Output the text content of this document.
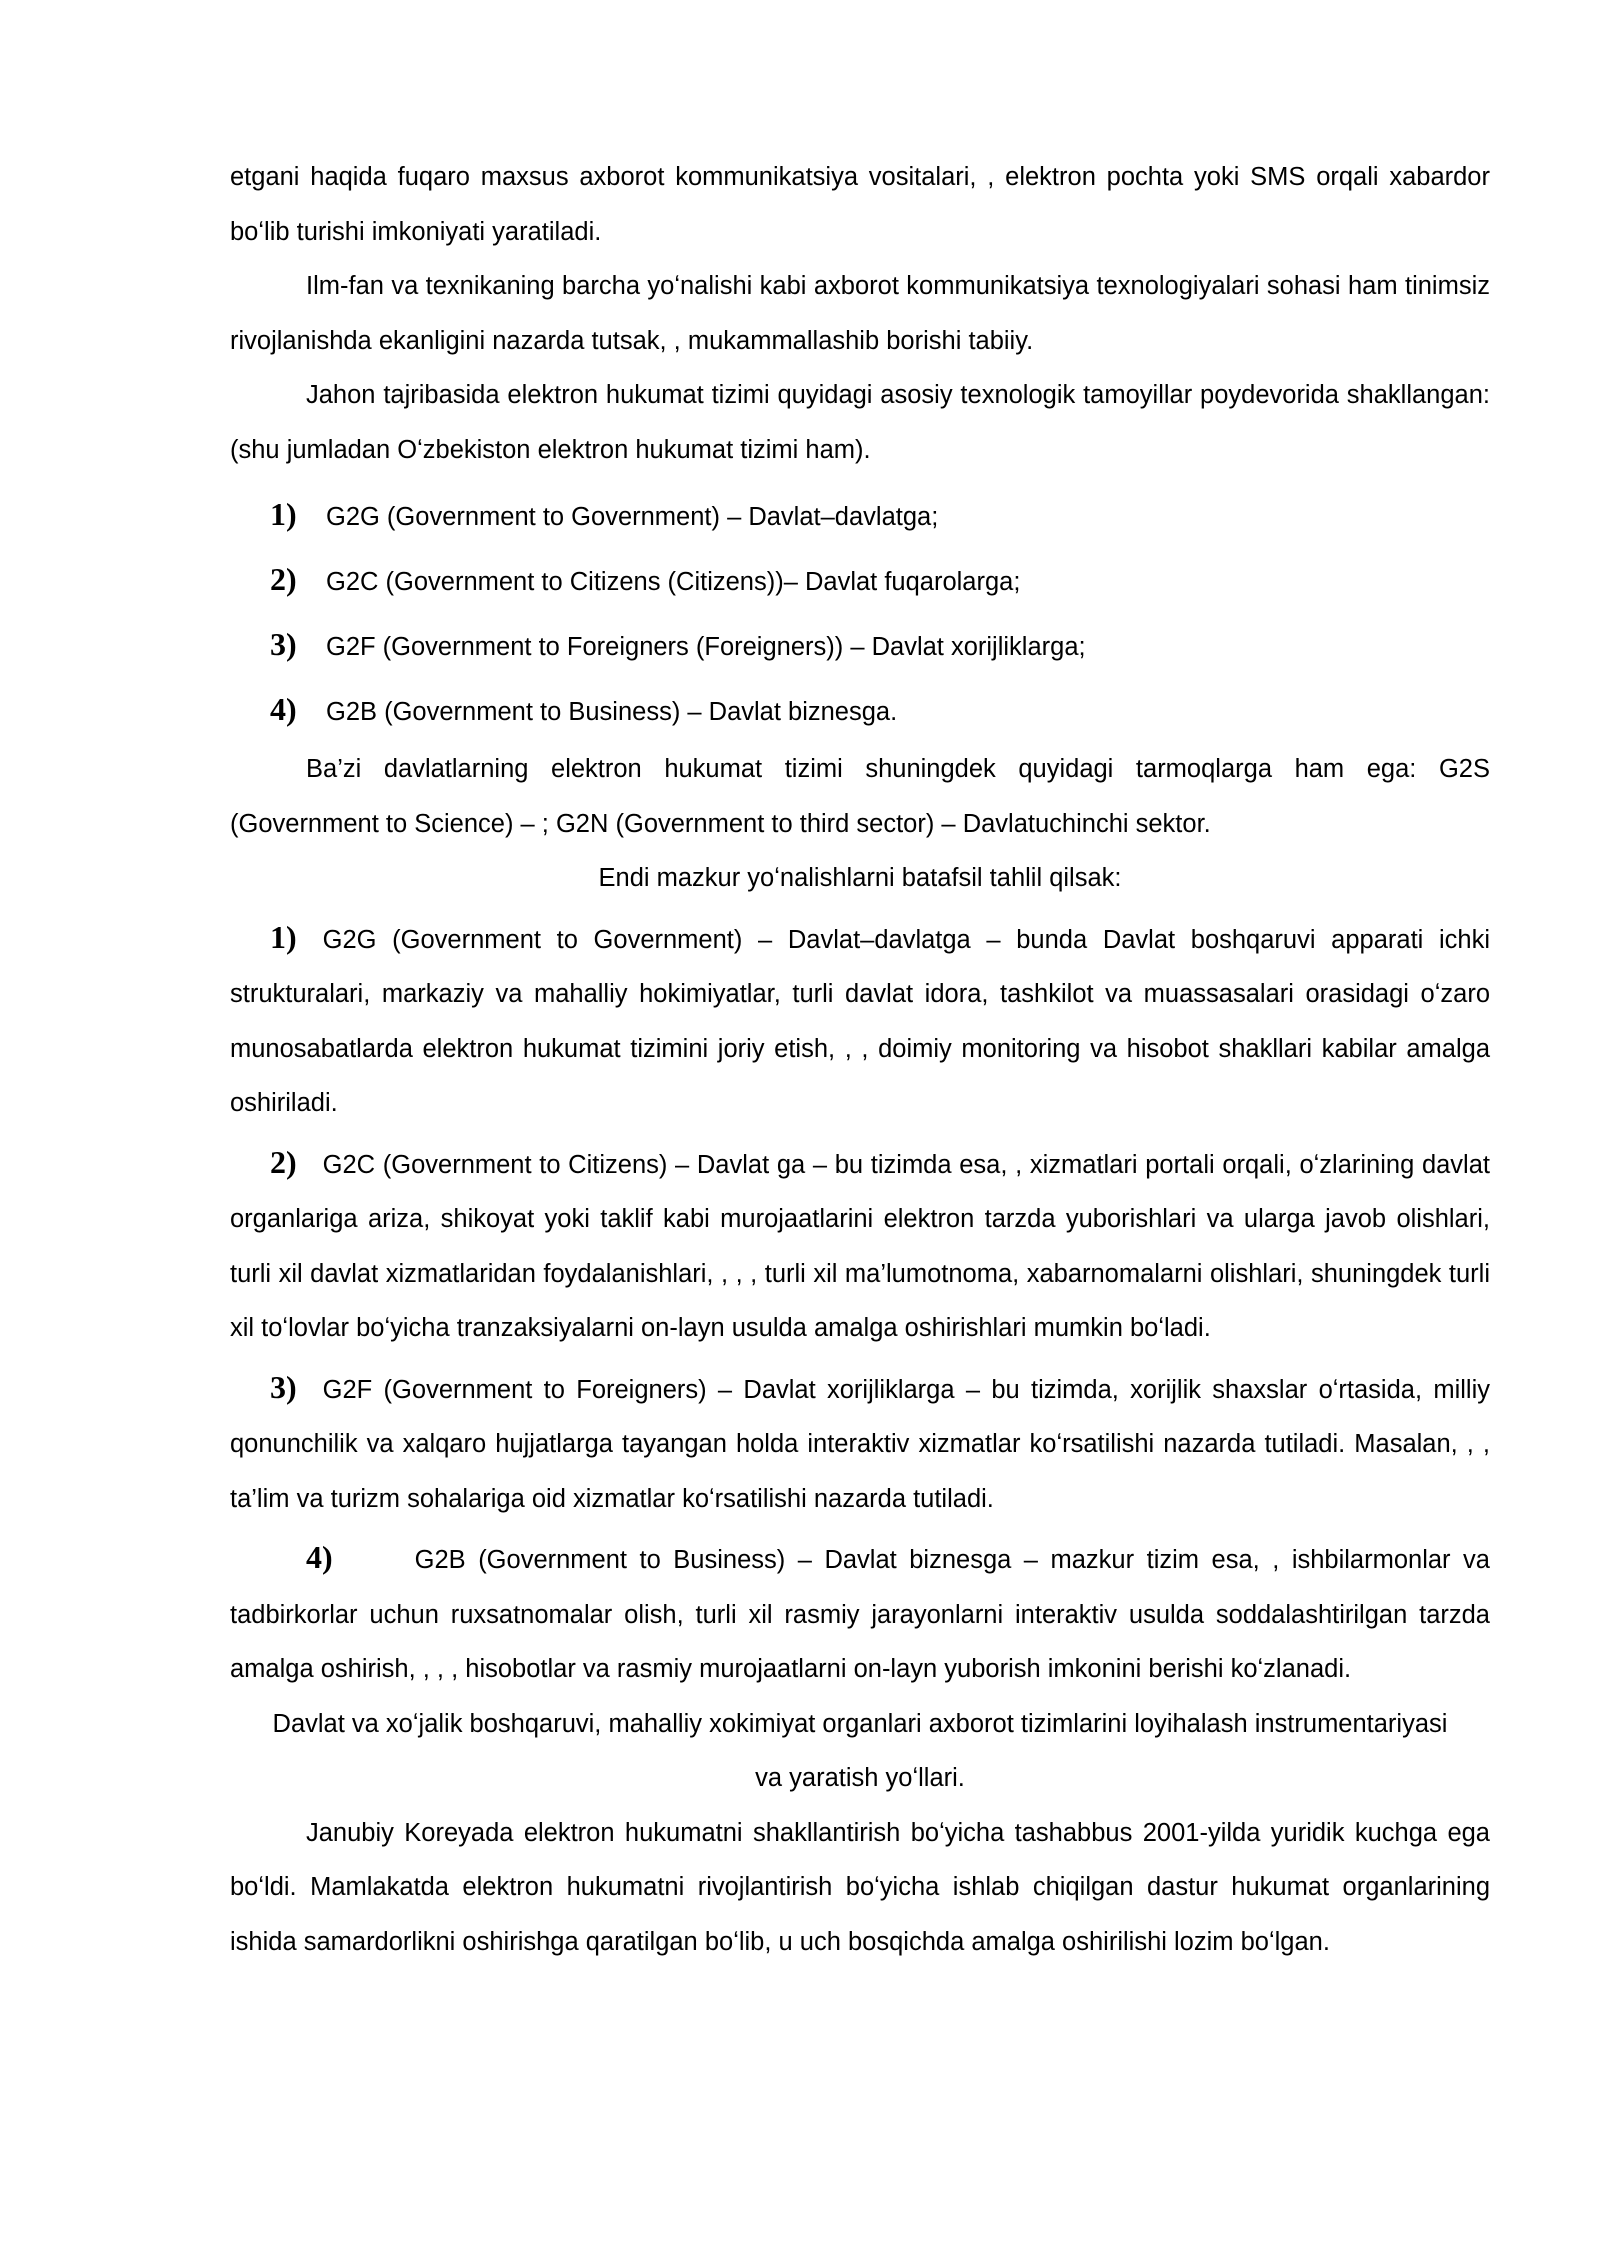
etgani haqida fuqaro maxsus axborot kommunikatsiya vositalari, , elektron pochta yoki SMS orqali xabardor boʻlib turishi imkoniyati yaratiladi.

Ilm-fan va texnikaning barcha yoʻnalishi kabi axborot kommunikatsiya texnologiyalari sohasi ham tinimsiz rivojlanishda ekanligini nazarda tutsak, , mukammallashib borishi tabiiy.

Jahon tajribasida elektron hukumat tizimi quyidagi asosiy texnologik tamoyillar poydevorida shakllangan: (shu jumladan Oʻzbekiston elektron hukumat tizimi ham).

1)	G2G (Government to Government) – Davlat–davlatga;
2)	G2C (Government to Citizens (Citizens))– Davlat fuqarolarga;
3)	G2F (Government to Foreigners (Foreigners)) – Davlat xorijliklarga;
4)	G2B (Government to Business) – Davlat biznesga.

Ba’zi davlatlarning elektron hukumat tizimi shuningdek quyidagi tarmoqlarga ham ega: G2S (Government to Science) – ; G2N (Government to third sector) – Davlatuchinchi sektor.

Endi mazkur yoʻnalishlarni batafsil tahlil qilsak:

1) G2G (Government to Government) – Davlat–davlatga – bunda Davlat boshqaruvi apparati ichki strukturalari, markaziy va mahalliy hokimiyatlar, turli davlat idora, tashkilot va muassasalari orasidagi oʻzaro munosabatlarda elektron hukumat tizimini joriy etish, , , doimiy monitoring va hisobot shakllari kabilar amalga oshiriladi.

2) G2C (Government to Citizens) – Davlat ga – bu tizimda esa, , xizmatlari portali orqali, oʻzlarining davlat organlariga ariza, shikoyat yoki taklif kabi murojaatlarini elektron tarzda yuborishlari va ularga javob olishlari, turli xil davlat xizmatlaridan foydalanishlari, , , , turli xil ma’lumotnoma, xabarnomalarni olishlari, shuningdek turli xil toʻlovlar boʻyicha tranzaksiyalarni on-layn usulda amalga oshirishlari mumkin boʻladi.

3) G2F (Government to Foreigners) – Davlat xorijliklarga – bu tizimda, xorijlik shaxslar oʻrtasida, milliy qonunchilik va xalqaro hujjatlarga tayangan holda interaktiv xizmatlar koʻrsatilishi nazarda tutiladi. Masalan, , , ta’lim va turizm sohalariga oid xizmatlar koʻrsatilishi nazarda tutiladi.

4)	G2B (Government to Business) – Davlat biznesga – mazkur tizim esa, , ishbilarmonlar va tadbirkorlar uchun ruxsatnomalar olish, turli xil rasmiy jarayonlarni interaktiv usulda soddalashtirilgan tarzda amalga oshirish, , , , hisobotlar va rasmiy murojaatlarni on-layn yuborish imkonini berishi koʻzlanadi.

Davlat va xoʻjalik boshqaruvi, mahalliy xokimiyat organlari axborot tizimlarini loyihalash instrumentariyasi va yaratish yoʻllari.

Janubiy Koreyada elektron hukumatni shakllantirish boʻyicha tashabbus 2001-yilda yuridik kuchga ega boʻldi. Mamlakatda elektron hukumatni rivojlantirish boʻyicha ishlab chiqilgan dastur hukumat organlarining ishida samardorlikni oshirishga qaratilgan boʻlib, u uch bosqichda amalga oshirilishi lozim boʻlgan.
